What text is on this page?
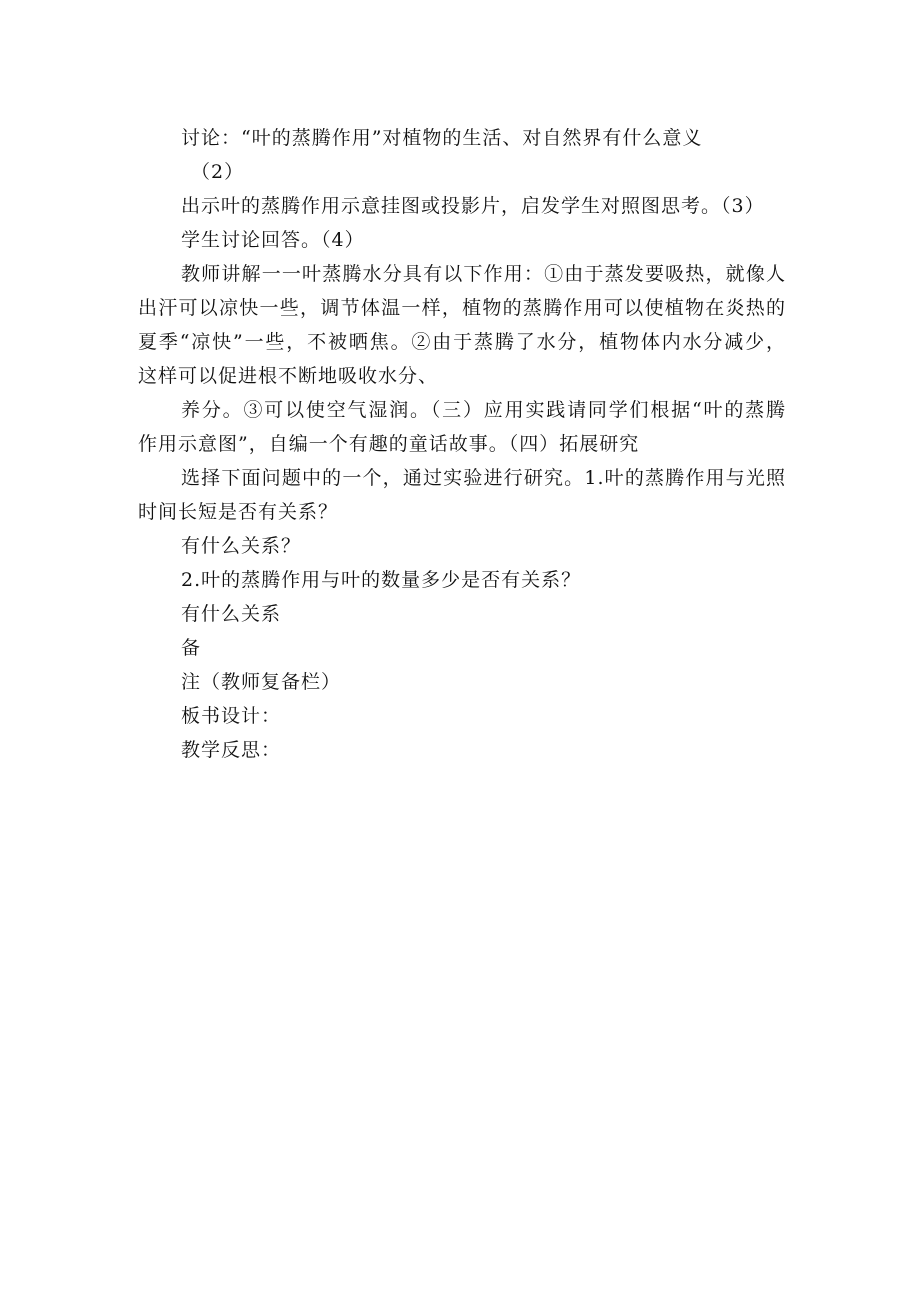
讨论：“叶的蒸腾作用”对植物的生活、对自然界有什么意义
（2）
出示叶的蒸腾作用示意挂图或投影片，启发学生对照图思考。（3）
学生讨论回答。（4）
教师讲解一一叶蒸腾水分具有以下作用：①由于蒸发要吸热，就像人
出汗可以凉快一些，调节体温一样，植物的蒸腾作用可以使植物在炎热的
夏季“凉快”一些，不被晒焦。②由于蒸腾了水分，植物体内水分减少，
这样可以促进根不断地吸收水分、
养分。③可以使空气湿润。（三）应用实践请同学们根据“叶的蒸腾
作用示意图”，自编一个有趣的童话故事。（四）拓展研究
选择下面问题中的一个，通过实验进行研究。1.叶的蒸腾作用与光照
时间长短是否有关系？
有什么关系？
2.叶的蒸腾作用与叶的数量多少是否有关系？
有什么关系
备
注（教师复备栏）
板书设计：
教学反思：
